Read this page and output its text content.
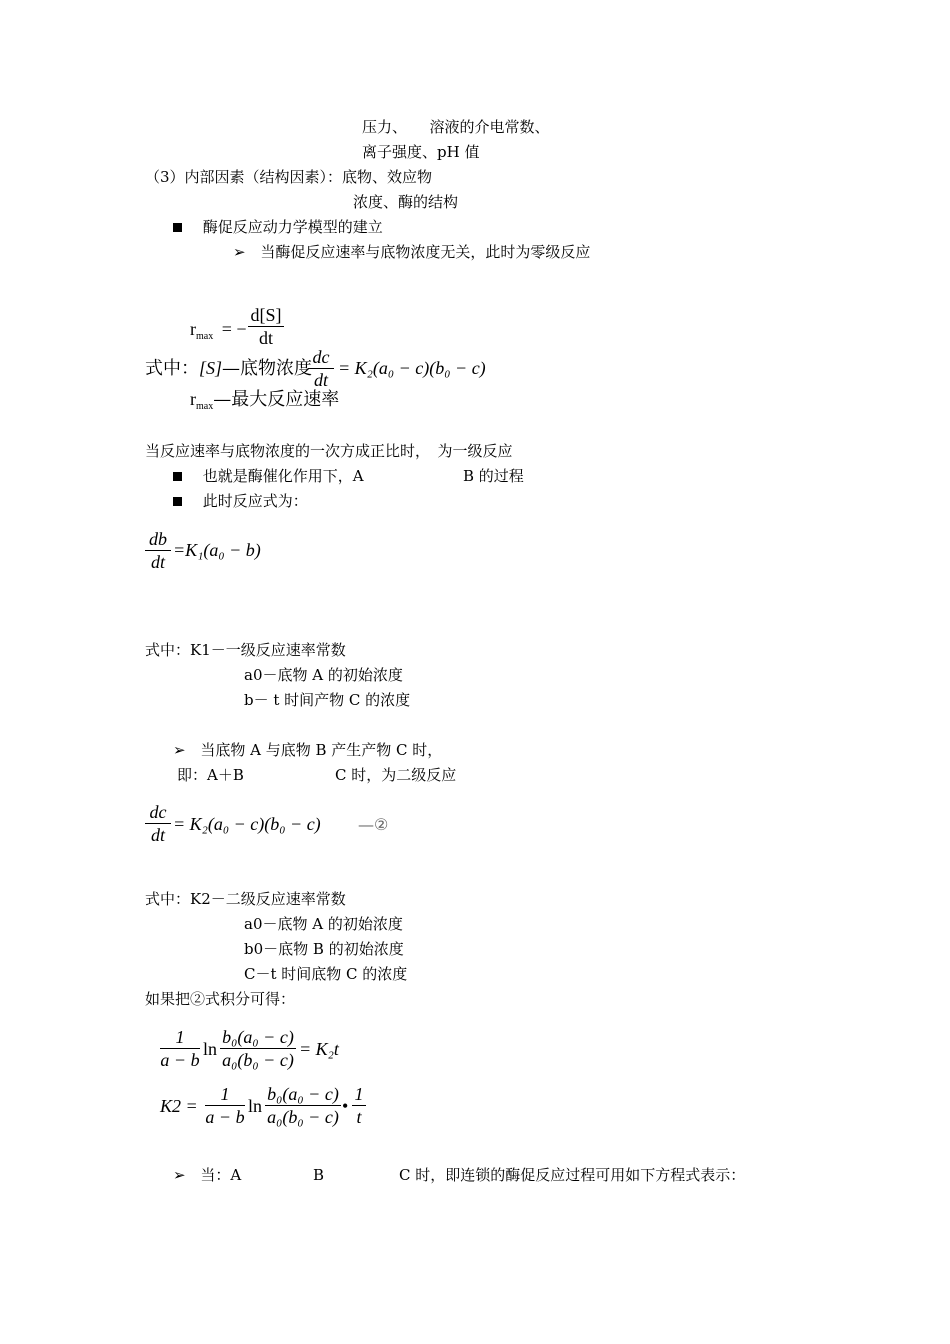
压力、　　溶液的介电常数、
离子强度、pH 值
（3）内部因素（结构因素）：底物、效应物
浓度、酶的结构
酶促反应动力学模型的建立
➢ 当酶促反应速率与底物浓度无关，此时为零级反应
$r_{max}$ = −
d[S]
dt
式中：[S]—底物浓度
dc
dt
= K₂(a₀ − c)(b₀ − c)
$r_{max}—$最大反应速率
当反应速率与底物浓度的一次方成正比时，　为一级反应
也就是酶催化作用下，A	B 的过程
此时反应式为：
db
dt
=K₁(a₀ − b)
式中：K1－一级反应速率常数
a0－底物 A 的初始浓度
b－ t 时间产物 C 的浓度
➢ 当底物 A 与底物 B 产生产物 C 时，
即：A＋B	C 时，为二级反应
dc
dt
= K₂(a₀ − c)(b₀ − c) —②
式中：K2－二级反应速率常数
a0－底物 A 的初始浓度
b0－底物 B 的初始浓度
C－t 时间底物 C 的浓度
如果把②式积分可得：
1
a − b
ln
b₀(a₀ − c)
a₀(b₀ − c)
= K₂t
K2 =
1
a − b
ln
b₀(a₀ − c)
a₀(b₀ − c)
•
1
t
➢ 当：A	B	C 时，即连锁的酶促反应过程可用如下方程式表示：
